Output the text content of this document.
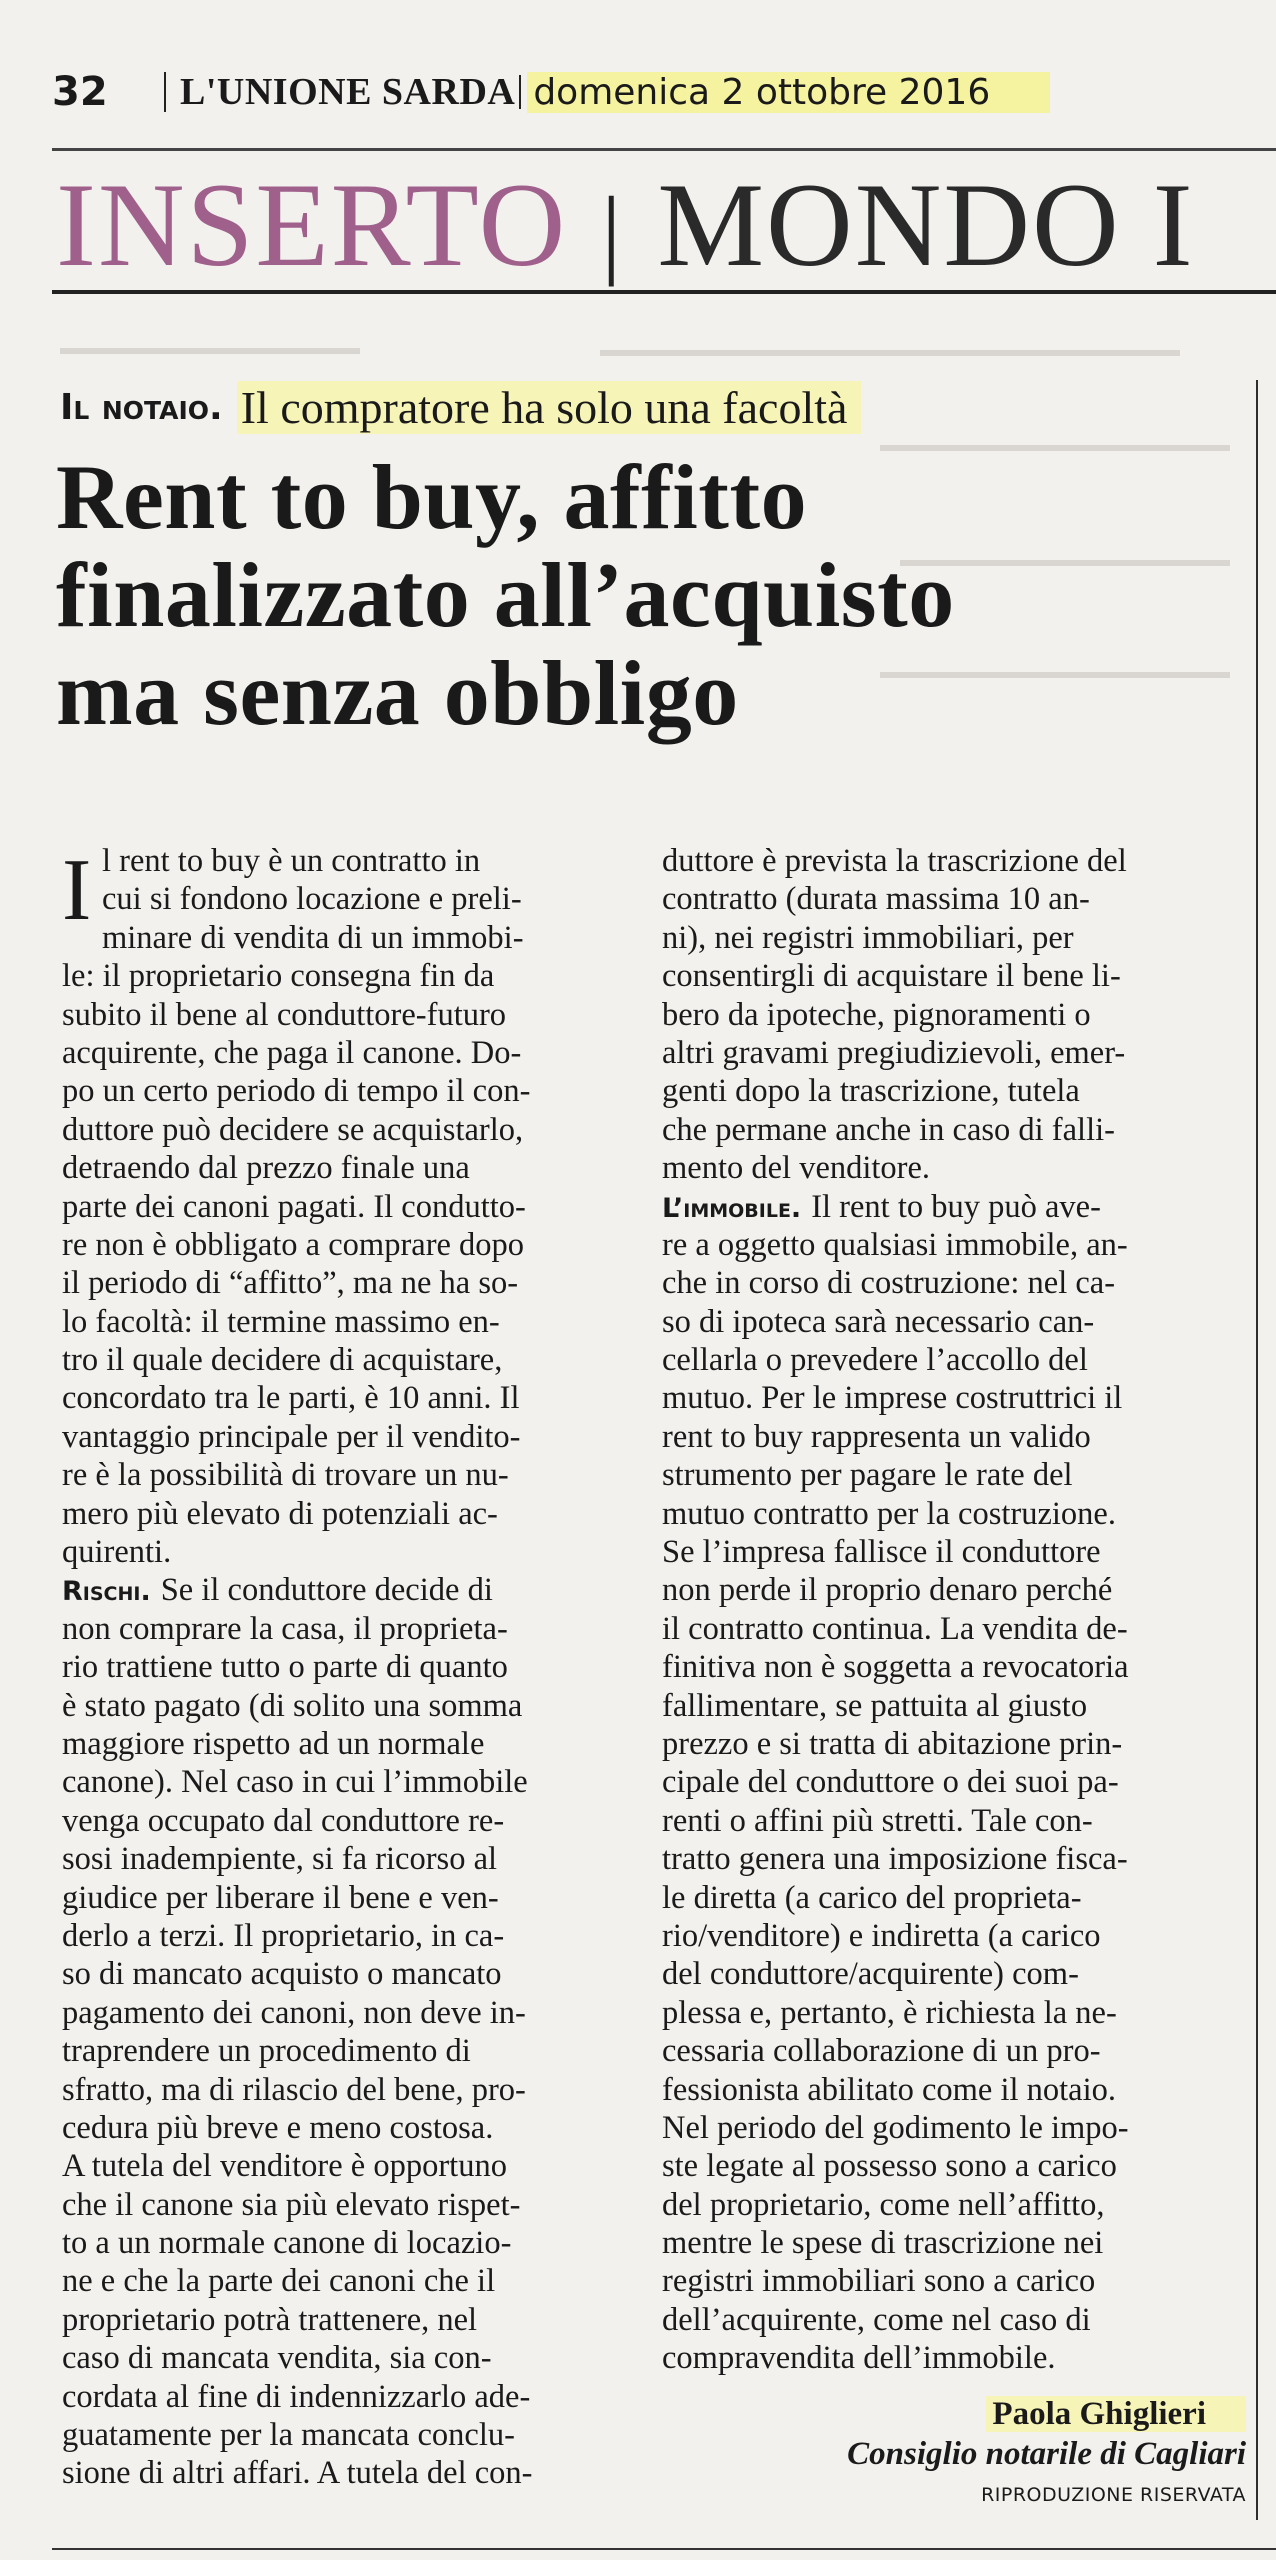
32	L'UNIONE SARDA domenica 2 ottobre 2016
INSERTO | MONDO I
Il notaio. Il compratore ha solo una facoltà
Rent to buy, affitto
finalizzato all’acquisto
ma senza obbligo
I l rent to buy è un contratto in
cui si fondono locazione e preli-
minare di vendita di un immobi-
le: il proprietario consegna fin da
subito il bene al conduttore-futuro
acquirente, che paga il canone. Do-
po un certo periodo di tempo il con-
duttore può decidere se acquistarlo,
detraendo dal prezzo finale una
parte dei canoni pagati. Il conduttо-
re non è obbligato a comprare dopo
il periodo di “affitto”, ma ne ha so-
lo facoltà: il termine massimo en-
tro il quale decidere di acquistare,
concordato tra le parti, è 10 anni. Il
vantaggio principale per il vendito-
re è la possibilità di trovare un nu-
mero più elevato di potenziali ac-
quirenti.
Rischi. Se il conduttore decide di
non comprare la casa, il proprieta-
rio trattiene tutto o parte di quanto
è stato pagato (di solito una somma
maggiore rispetto ad un normale
canone). Nel caso in cui l’immobile
venga occupato dal conduttore re-
sosi inadempiente, si fa ricorso al
giudice per liberare il bene e ven-
derlo a terzi. Il proprietario, in ca-
so di mancato acquisto o mancato
pagamento dei canoni, non deve in-
traprendere un procedimento di
sfratto, ma di rilascio del bene, pro-
cedura più breve e meno costosa.
A tutela del venditore è opportuno
che il canone sia più elevato rispet-
to a un normale canone di locazio-
ne e che la parte dei canoni che il
proprietario potrà trattenere, nel
caso di mancata vendita, sia con-
cordata al fine di indennizzarlo ade-
guatamente per la mancata conclu-
sione di altri affari. A tutela del con-
duttore è prevista la trascrizione del
contratto (durata massima 10 an-
ni), nei registri immobiliari, per
consentirgli di acquistare il bene li-
bero da ipoteche, pignoramenti o
altri gravami pregiudizievoli, emer-
genti dopo la trascrizione, tutela
che permane anche in caso di falli-
mento del venditore.
L’immobile. Il rent to buy può ave-
re a oggetto qualsiasi immobile, an-
che in corso di costruzione: nel ca-
so di ipoteca sarà necessario can-
cellarla o prevedere l’accollo del
mutuo. Per le imprese costruttrici il
rent to buy rappresenta un valido
strumento per pagare le rate del
mutuo contratto per la costruzione.
Se l’impresa fallisce il conduttore
non perde il proprio denaro perché
il contratto continua. La vendita de-
finitiva non è soggetta a revocatoria
fallimentare, se pattuita al giusto
prezzo e si tratta di abitazione prin-
cipale del conduttore o dei suoi pa-
renti o affini più stretti. Tale con-
tratto genera una imposizione fisca-
le diretta (a carico del proprieta-
rio/venditore) e indiretta (a carico
del conduttore/acquirente) com-
plessa e, pertanto, è richiesta la ne-
cessaria collaborazione di un pro-
fessionista abilitato come il notaio.
Nel periodo del godimento le impo-
ste legate al possesso sono a carico
del proprietario, come nell’affitto,
mentre le spese di trascrizione nei
registri immobiliari sono a carico
dell’acquirente, come nel caso di
compravendita dell’immobile.
Paola Ghiglieri
Consiglio notarile di Cagliari
RIPRODUZIONE RISERVATA
